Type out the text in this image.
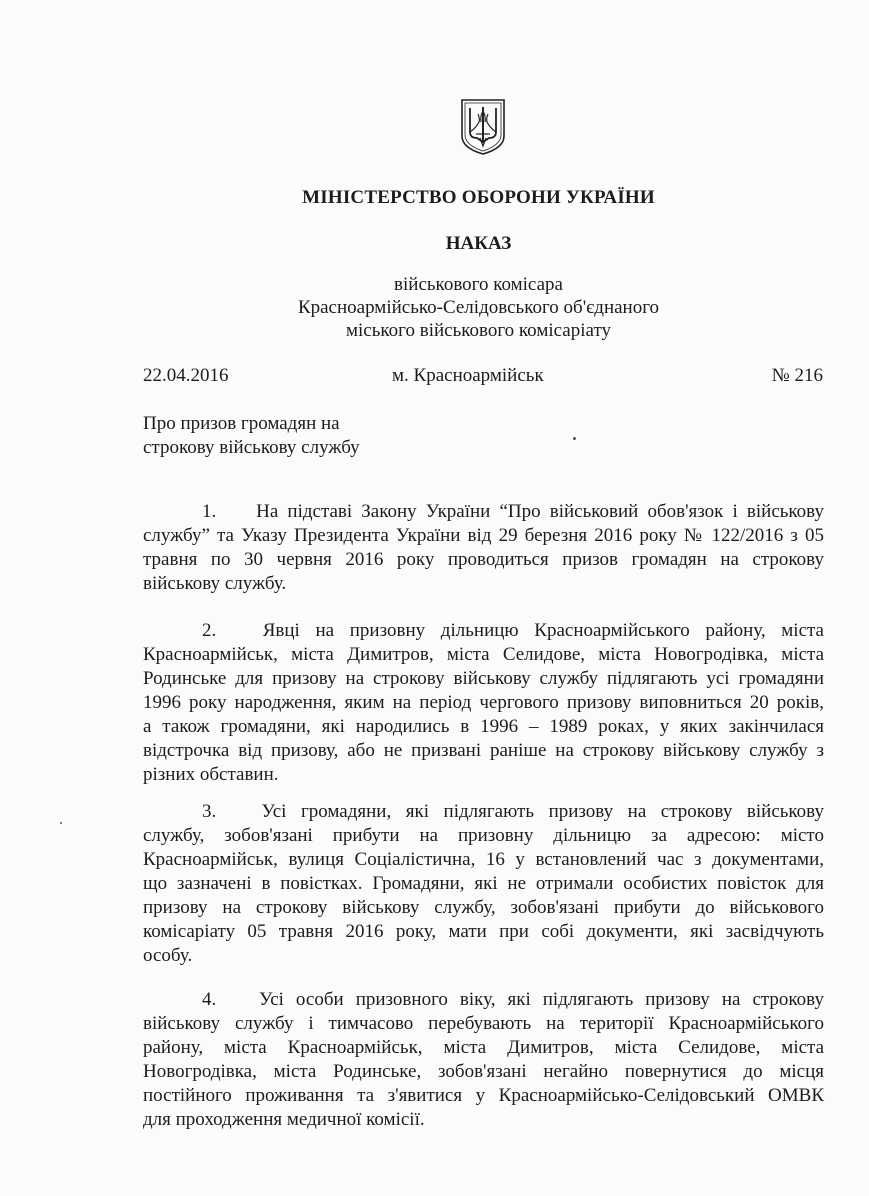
МІНІСТЕРСТВО ОБОРОНИ УКРАЇНИ
НАКАЗ
військового комісара
Красноармійсько-Селідовського об'єднаного
міського військового комісаріату
22.04.2016	м. Красноармійськ	№ 216
Про призов громадян на
строкову військову службу
1. На підставі Закону України “Про військовий обов'язок і військову
службу” та Указу Президента України від 29 березня 2016 року № 122/2016 з 05
травня по 30 червня 2016 року проводиться призов громадян на строкову
військову службу.
2. Явці на призовну дільницю Красноармійського району, міста
Красноармійськ, міста Димитров, міста Селидове, міста Новогродівка, міста
Родинське для призову на строкову військову службу підлягають усі громадяни
1996 року народження, яким на період чергового призову виповниться 20 років,
а також громадяни, які народились в 1996 – 1989 роках, у яких закінчилася
відстрочка від призову, або не призвані раніше на строкову військову службу з
різних обставин.
3. Усі громадяни, які підлягають призову на строкову військову
службу, зобов'язані прибути на призовну дільницю за адресою: місто
Красноармійськ, вулиця Соціалістична, 16 у встановлений час з документами,
що зазначені в повістках. Громадяни, які не отримали особистих повісток для
призову на строкову військову службу, зобов'язані прибути до військового
комісаріату 05 травня 2016 року, мати при собі документи, які засвідчують
особу.
4. Усі особи призовного віку, які підлягають призову на строкову
військову службу і тимчасово перебувають на території Красноармійського
району, міста Красноармійськ, міста Димитров, міста Селидове, міста
Новогродівка, міста Родинське, зобов'язані негайно повернутися до місця
постійного проживання та з'явитися у Красноармійсько-Селідовський ОМВК
для проходження медичної комісії.
